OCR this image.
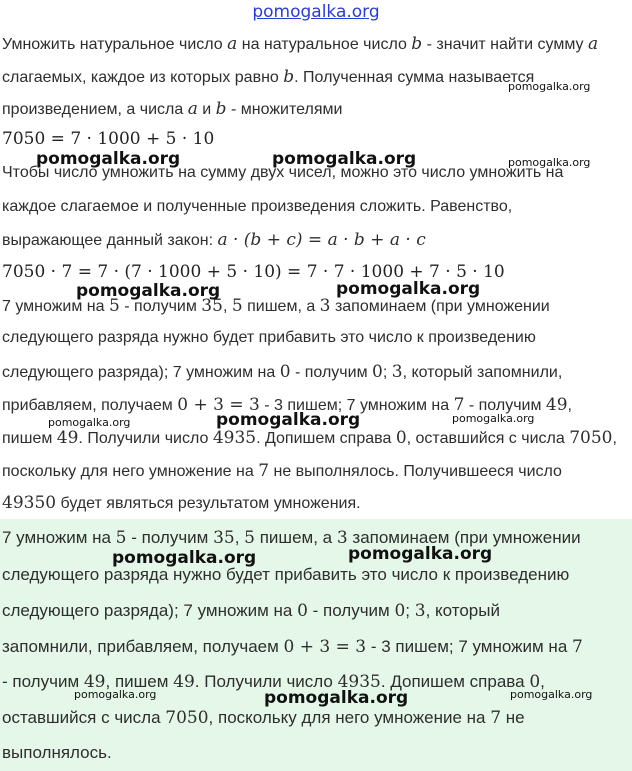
pomogalka.org
Умножить натуральное число a на натуральное число b - значит найти сумму a
слагаемых, каждое из которых равно b. Полученная сумма называется
произведением, а числа a и b - множителями
7050 = 7 · 1000 + 5 · 10
Чтобы число умножить на сумму двух чисел, можно это число умножить на
каждое слагаемое и полученные произведения сложить. Равенство,
выражающее данный закон: a · (b + c) = a · b + a · c
7050 · 7 = 7 · (7 · 1000 + 5 · 10) = 7 · 7 · 1000 + 7 · 5 · 10
7 умножим на 5 - получим 35, 5 пишем, а 3 запоминаем (при умножении
следующего разряда нужно будет прибавить это число к произведению
следующего разряда); 7 умножим на 0 - получим 0; 3, который запомнили,
прибавляем, получаем 0 + 3 = 3 - 3 пишем; 7 умножим на 7 - получим 49,
пишем 49. Получили число 4935. Допишем справа 0, оставшийся с числа 7050,
поскольку для него умножение на 7 не выполнялось. Получившееся число
49350 будет являться результатом умножения.
7 умножим на 5 - получим 35, 5 пишем, а 3 запоминаем (при умножении
следующего разряда нужно будет прибавить это число к произведению
следующего разряда); 7 умножим на 0 - получим 0; 3, который
запомнили, прибавляем, получаем 0 + 3 = 3 - 3 пишем; 7 умножим на 7
- получим 49, пишем 49. Получили число 4935. Допишем справа 0,
оставшийся с числа 7050, поскольку для него умножение на 7 не
выполнялось.
pomogalka.org
pomogalka.org	pomogalka.org	pomogalka.org
pomogalka.org	pomogalka.org
pomogalka.org	pomogalka.org	pomogalka.org
pomogalka.org	pomogalka.org
pomogalka.org	pomogalka.org	pomogalka.org
